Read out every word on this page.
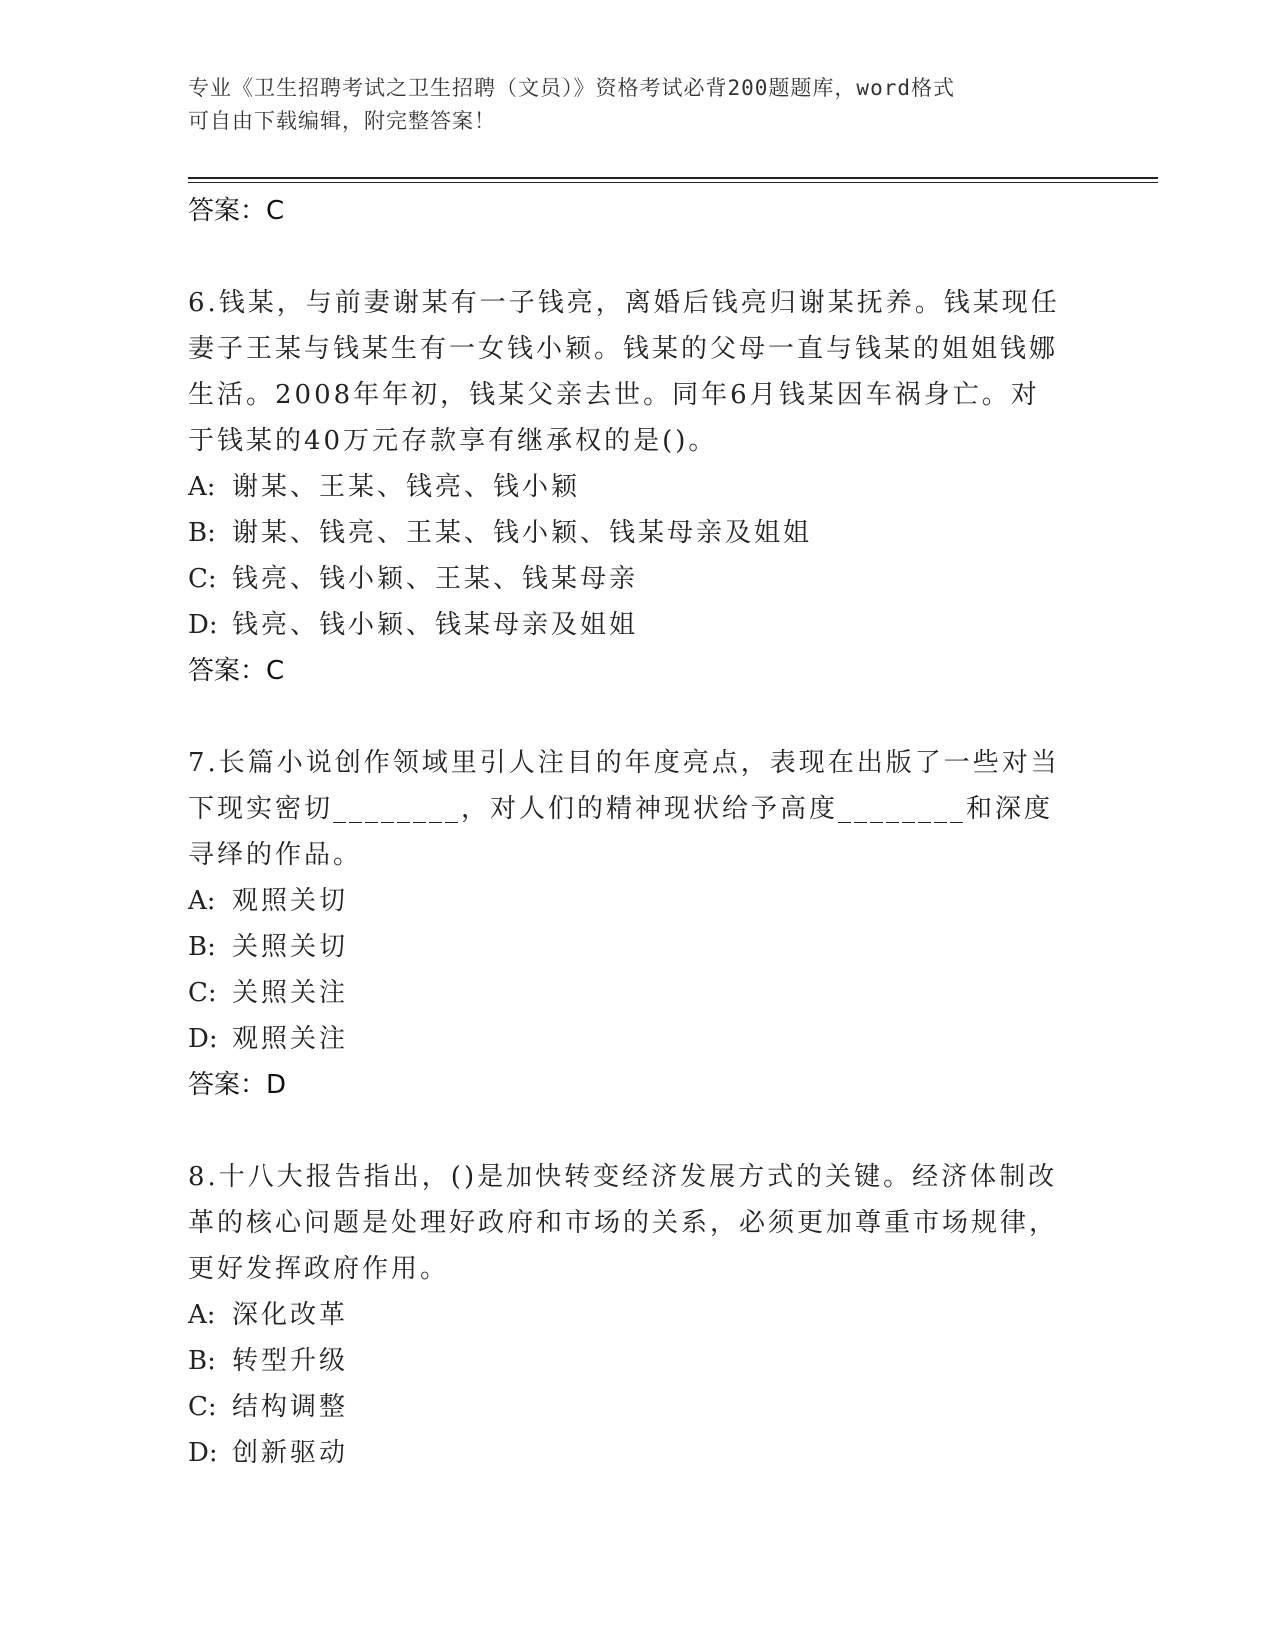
专业《卫生招聘考试之卫生招聘（文员）》资格考试必背200题题库，word格式
可自由下载编辑，附完整答案！
答案：C

6.钱某，与前妻谢某有一子钱亮，离婚后钱亮归谢某抚养。钱某现任妻子王某与钱某生有一女钱小颖。钱某的父母一直与钱某的姐姐钱娜生活。2008年年初，钱某父亲去世。同年6月钱某因车祸身亡。对于钱某的40万元存款享有继承权的是()。

A: 谢某、王某、钱亮、钱小颖
B: 谢某、钱亮、王某、钱小颖、钱某母亲及姐姐
C: 钱亮、钱小颖、王某、钱某母亲
D: 钱亮、钱小颖、钱某母亲及姐姐
答案：C

7.长篇小说创作领域里引人注目的年度亮点，表现在出版了一些对当下现实密切________，对人们的精神现状给予高度________和深度寻绎的作品。

A: 观照关切
B: 关照关切
C: 关照关注
D: 观照关注
答案：D

8.十八大报告指出，()是加快转变经济发展方式的关键。经济体制改革的核心问题是处理好政府和市场的关系，必须更加尊重市场规律，更好发挥政府作用。

A: 深化改革
B: 转型升级
C: 结构调整
D: 创新驱动
